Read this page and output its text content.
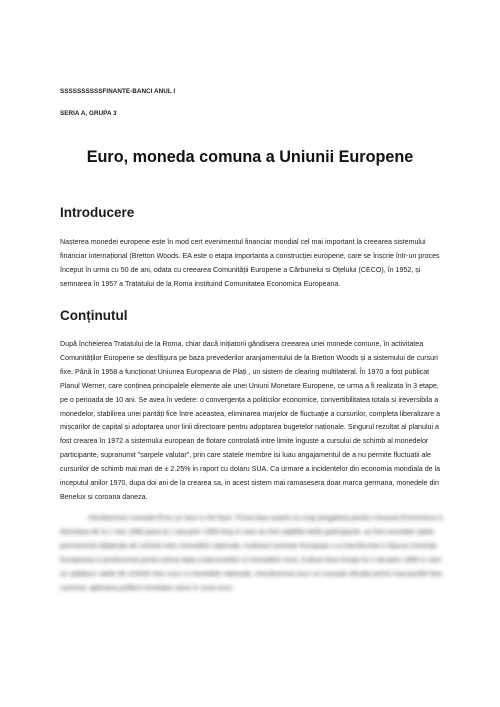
SSSSSSSSSSFINANTE-BANCI ANUL I
SERIA A, GRUPA 3
Euro, moneda comuna a Uniunii Europene
Introducere
Nașterea monedei europene este în mod cert evenimentul financiar mondial cel mai important la creearea sistemului financiar internațional (Bretton Woods. EA este o etapa importanta a construcției europene, care se înscrie într-un proces început în urma cu 50 de ani, odata cu creearea Comunității Europene a Cărbunelui si Oțelului (CECO), în 1952, și semnarea în 1957 a Tratatului de la Roma instituind Comunitatea Economica Europeana.
Conținutul
După încheierea Tratatului de la Roma, chiar dacă inițiatorii gândisera creearea unei monede comune, în activitatea Comunităților Europene se desfășura pe baza prevederilor aranjamentului de la Bretton Woods și a sistemului de cursuri fixe. Până în 1958 a funcționat Uniunea Europeana de Plați , un sistem de clearing multilateral. În 1970 a fost publicat Planul Werner, care conținea principalele elemente ale unei Uniuni Monetare Europene, ce urma a fi realizata în 3 etape, pe o perioada de 10 ani. Se avea în vedere: o convergența a politicilor economice, convertibilitatea totala si ireversibila a monedelor, stabilirea unei parități fice între aceastea, eliminarea marjelor de fluctuație a cursurilor, completa liberalizare a mișcarilor de capital și adoptarea unor linii directoare pentru adoptarea bugetelor naționale. Singurul rezultat al planului a fost crearea în 1972 a sistemului european de flotare controlată intre limite înguste a cursului de schimb al monedelor participante, supranumit "sarpele valutar", prin care statele membre isi luau angajamentul de a nu permite fluctuatii ale cursurilor de schimb mai mari de ± 2.25% in raport cu dolaru SUA. Ca urmare a incidentelor din economia mondiala de la inceputul anilor 1970, dupa doi ani de la crearea sa, in acest sistem mai ramasesera doar marca germana, monedele din Benelux si coroana daneza.
Introducerea monedei Euro se face in trei faze. Prima faza avand ca scop pregatirea pentru Uniunea Economica si Monetara de la 1 mai 1998 pana la 1 ianuarie 1999 timp in care au fost stabilite tarile participante, au fost anuntate ratele permanente bilaterale de schimb intre monedele nationale, Institutul monetar European s-a transformat in Banca Centrala Europeana si producerea pentru prima data a bancnotelor si monedelor euro. A doua faza incepe la 1 ianuarie 1999 in care se stabilesc ratele de schimb intre euro si monedele nationale, introducerea euro ca moneda oficiala pentru tranzactiile fara numerar, aplicarea politicii monetare unice in zona euro.
